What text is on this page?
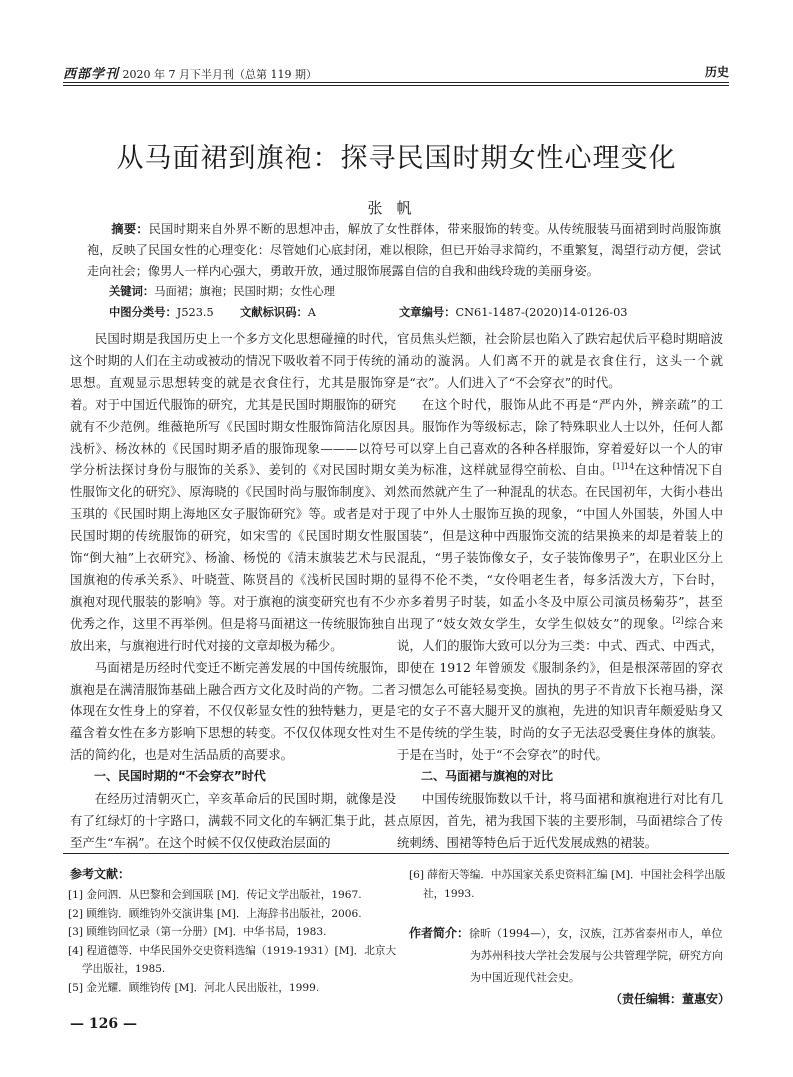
西部学刊 2020 年 7 月下半月刊（总第 119 期）	历史
从马面裙到旗袍：探寻民国时期女性心理变化
张帆
摘要：民国时期来自外界不断的思想冲击，解放了女性群体，带来服饰的转变。从传统服装马面裙到时尚服饰旗袍，反映了民国女性的心理变化：尽管她们心底封闭，难以根除，但已开始寻求简约，不重繁复，渴望行动方便，尝试走向社会；像男人一样内心强大，勇敢开放，通过服饰展露自信的自我和曲线玲珑的美丽身姿。
关键词：马面裙；旗袍；民国时期；女性心理
中图分类号：J523.5 文献标识码：A	文章编号：CN61-1487-(2020)14-0126-03

民国时期是我国历史上一个多方文化思想碰撞的时代，这个时期的人们在主动或被动的情况下吸收着不同于传统的思想。直观显示思想转变的就是衣食住行，尤其是服饰穿着。对于中国近代服饰的研究，尤其是民国时期服饰的研究就有不少范例。维薇艳所写《民国时期女性服饰简洁化原因浅析》、杨汝林的《民国时期矛盾的服饰现象———以符号学分析法探讨身份与服饰的关系》、姜钊的《对民国时期女性服饰文化的研究》、原海晓的《民国时尚与服饰制度》、刘玉琪的《民国时期上海地区女子服饰研究》等。或者是对于民国时期的传统服饰的研究，如宋雪的《民国时期女性服饰“倒大袖”上衣研究》、杨渝、杨悦的《清末旗装艺术与民国旗袍的传承关系》、叶晓萱、陈贤昌的《浅析民国时期的旗袍对现代服装的影响》等。对于旗袍的演变研究也有不少优秀之作，这里不再举例。但是将马面裙这一传统服饰独自放出来，与旗袍进行时代对接的文章却极为稀少。

马面裙是历经时代变迁不断完善发展的中国传统服饰，旗袍是在满清服饰基础上融合西方文化及时尚的产物。二者体现在女性身上的穿着，不仅仅彰显女性的独特魅力，更是蕴含着女性在多方影响下思想的转变。不仅仅体现女性对生活的简约化，也是对生活品质的高要求。

一、民国时期的“不会穿衣”时代

在经历过清朝灭亡，辛亥革命后的民国时期，就像是没有了红绿灯的十字路口，满载不同文化的车辆汇集于此，甚至产生“车祸”。在这个时候不仅仅使政治层面的

官员焦头烂额，社会阶层也陷入了跌宕起伏后平稳时期暗波涌动的漩涡。人们离不开的就是衣食住行，这头一个就是“衣”。人们进入了“不会穿衣”的时代。

在这个时代，服饰从此不再是“严内外，辨亲疏”的工具。服饰作为等级标志，除了特殊职业人士以外，任何人都可以穿上自己喜欢的各种各样服饰，穿着爱好以一个人的审美为标准，这样就显得空前松、自由。$^{[1]14}$在这种情况下自然而然就产生了一种混乱的状态。在民国初年，大街小巷出现了中外人士服饰互换的现象，“中国人外国装，外国人中国装”，但是这种中西服饰交流的结果换来的却是着装上的混乱，“男子装饰像女子，女子装饰像男子”，在职业区分上显得不伦不类，“女伶唱老生者，每多活泼大方，下台时，亦多着男子时装，如孟小冬及中原公司演员杨菊芬”，甚至出现了“妓女效女学生，女学生似妓女”的现象。[2]综合来说，人们的服饰大致可以分为三类：中式、西式、中西式，即使在 1912 年曾颁发《服制条约》，但是根深蒂固的穿衣习惯怎么可能轻易变换。固执的男子不肯放下长袍马褂，深宅的女子不喜大腿开叉的旗袍，先进的知识青年颇爱贴身又不是传统的学生装，时尚的女子无法忍受裹住身体的旗装。于是在当时，处于“不会穿衣”的时代。

二、马面裙与旗袍的对比

中国传统服饰数以千计，将马面裙和旗袍进行对比有几点原因，首先，裙为我国下装的主要形制，马面裙综合了传统刺绣、围裙等特色后于近代发展成熟的裙装。

参考文献：
[1] 金问泗．从巴黎和会到国联 [M]．传记文学出版社，1967.
[2] 顾维钧．顾维钧外交演讲集 [M]．上海辞书出版社，2006.
[3] 顾维钧回忆录（第一分册）[M]．中华书局，1983.
[4] 程道德等．中华民国外交史资料选编（1919-1931）[M]．北京大学出版社，1985.
[5] 金光耀．顾维钧传 [M]．河北人民出版社，1999.
[6] 薛衔天等编．中苏国家关系史资料汇编 [M]．中国社会科学出版社，1993.
作者简介：徐昕（1994—），女，汉族，江苏省泰州市人，单位为苏州科技大学社会发展与公共管理学院，研究方向为中国近现代社会史。
（责任编辑：董惠安）
— 126 —
